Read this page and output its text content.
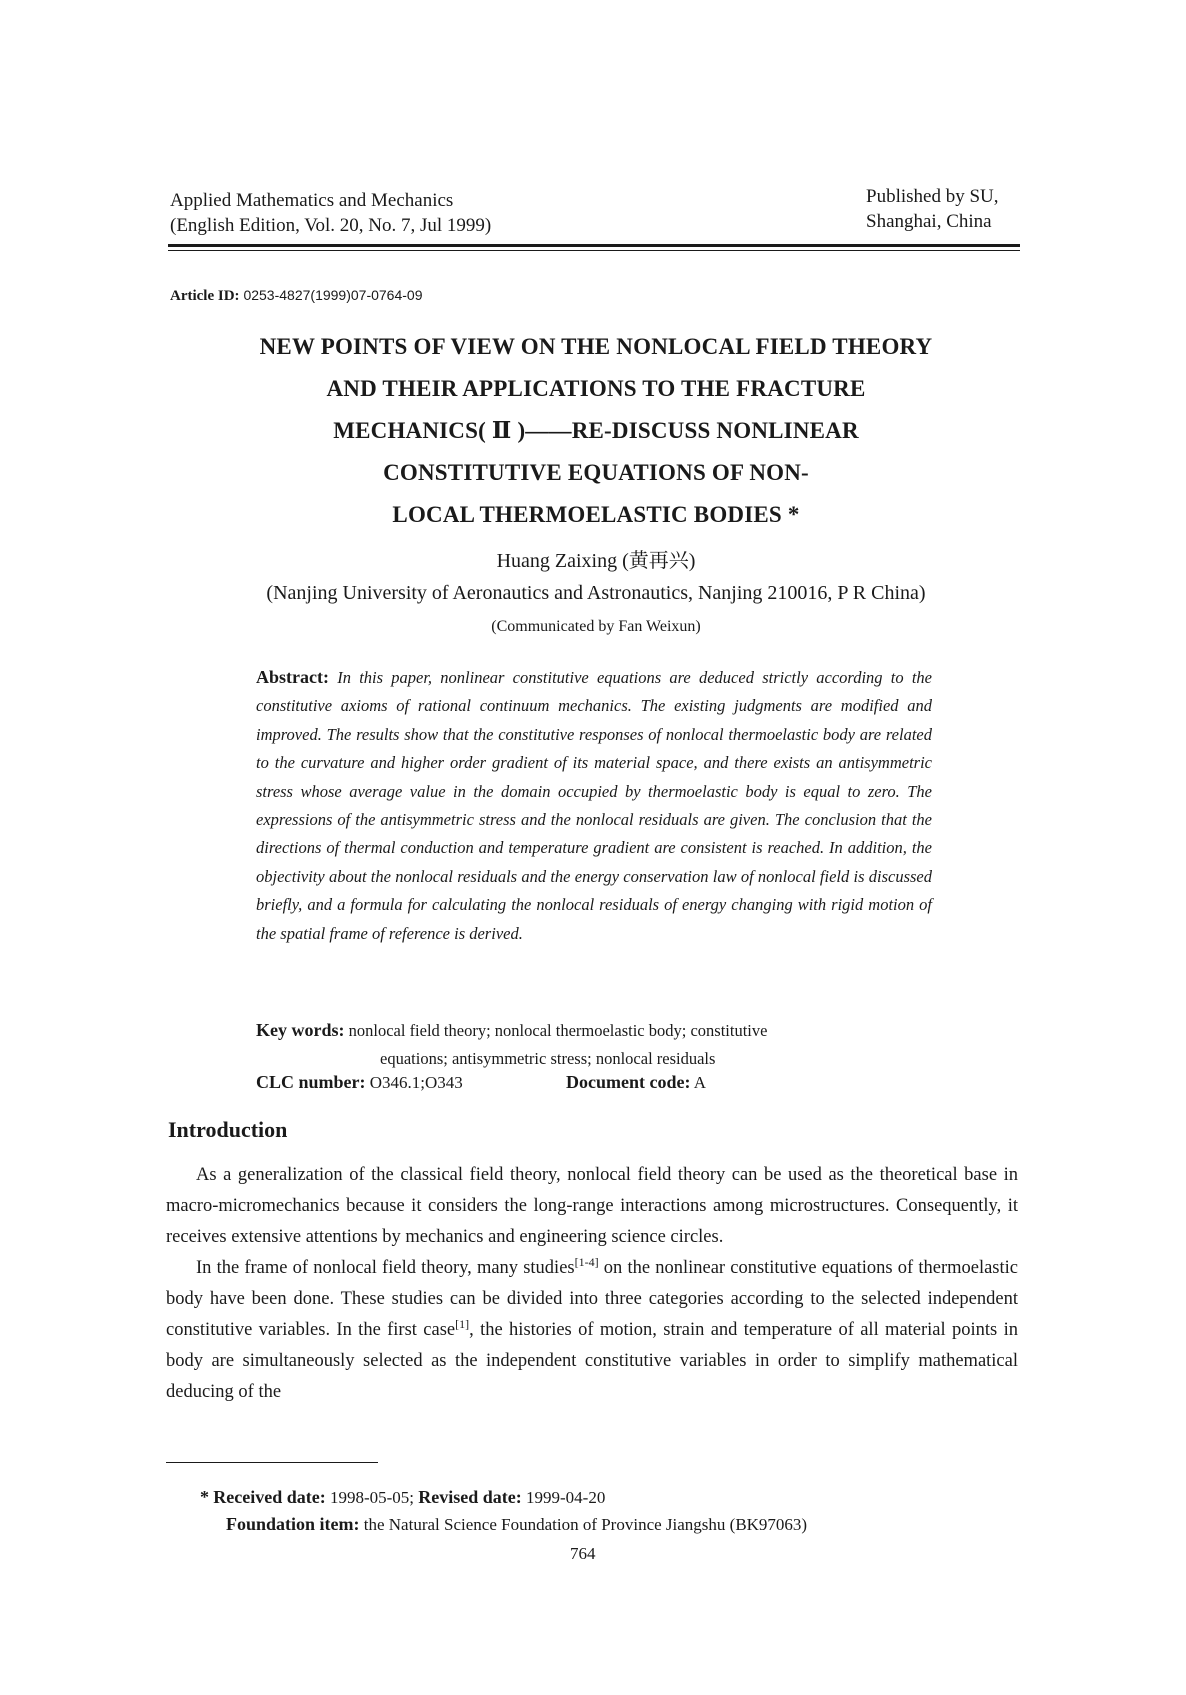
Applied Mathematics and Mechanics
(English Edition, Vol. 20, No. 7, Jul 1999)
Published by SU,
Shanghai, China
Article ID: 0253-4827(1999)07-0764-09
NEW POINTS OF VIEW ON THE NONLOCAL FIELD THEORY
AND THEIR APPLICATIONS TO THE FRACTURE
MECHANICS( Ⅱ )——RE-DISCUSS NONLINEAR
CONSTITUTIVE EQUATIONS OF NON-
LOCAL THERMOELASTIC BODIES *
Huang Zaixing (黄再兴)
(Nanjing University of Aeronautics and Astronautics, Nanjing 210016, P R China)
(Communicated by Fan Weixun)
Abstract: In this paper, nonlinear constitutive equations are deduced strictly according to the constitutive axioms of rational continuum mechanics. The existing judgments are modified and improved. The results show that the constitutive responses of nonlocal thermoelastic body are related to the curvature and higher order gradient of its material space, and there exists an antisymmetric stress whose average value in the domain occupied by thermoelastic body is equal to zero. The expressions of the antisymmetric stress and the nonlocal residuals are given. The conclusion that the directions of thermal conduction and temperature gradient are consistent is reached. In addition, the objectivity about the nonlocal residuals and the energy conservation law of nonlocal field is discussed briefly, and a formula for calculating the nonlocal residuals of energy changing with rigid motion of the spatial frame of reference is derived.
Key words: nonlocal field theory; nonlocal thermoelastic body; constitutive
equations; antisymmetric stress; nonlocal residuals
CLC number: O346.1;O343	Document code: A
Introduction

As a generalization of the classical field theory, nonlocal field theory can be used as the theoretical base in macro-micromechanics because it considers the long-range interactions among microstructures. Consequently, it receives extensive attentions by mechanics and engineering science circles.

In the frame of nonlocal field theory, many studies[1-4] on the nonlinear constitutive equations of thermoelastic body have been done. These studies can be divided into three categories according to the selected independent constitutive variables. In the first case[1], the histories of motion, strain and temperature of all material points in body are simultaneously selected as the independent constitutive variables in order to simplify mathematical deducing of the

* Received date: 1998-05-05; Revised date: 1999-04-20
Foundation item: the Natural Science Foundation of Province Jiangshu (BK97063)
764
